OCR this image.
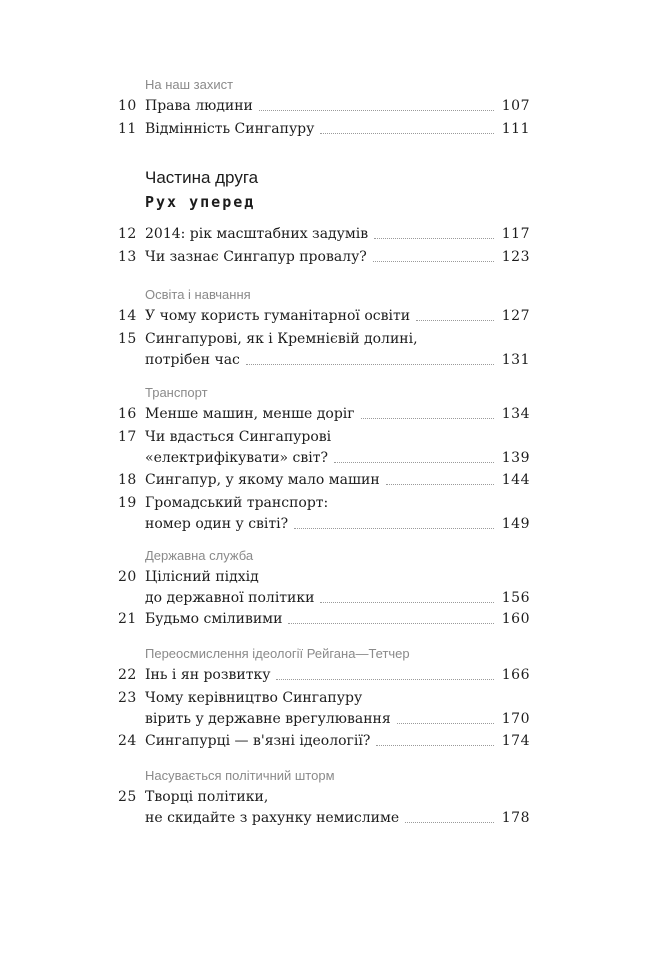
На наш захист
10 Права людини	107
11 Відмінність Сингапуру	111
Частина друга
Рух уперед
12 2014: рік масштабних задумів	117
13 Чи зазнає Сингапур провалу?	123
Освіта і навчання
14 У чому користь гуманітарної освіти	127
15 Сингапурові, як і Кремнієвій долині,
потрібен час	131
Транспорт
16 Менше машин, менше доріг	134
17 Чи вдасться Сингапурові
«електрифікувати» світ?	139
18 Сингапур, у якому мало машин	144
19 Громадський транспорт:
номер один у світі?	149
Державна служба
20 Цілісний підхід
до державної політики	156
21 Будьмо сміливими	160
Переосмислення ідеології Рейгана—Тетчер
22 Інь і ян розвитку	166
23 Чому керівництво Сингапуру
вірить у державне врегулювання	170
24 Сингапурці — в'язні ідеології?	174
Насувається політичний шторм
25 Творці політики,
не скидайте з рахунку немислиме	178
